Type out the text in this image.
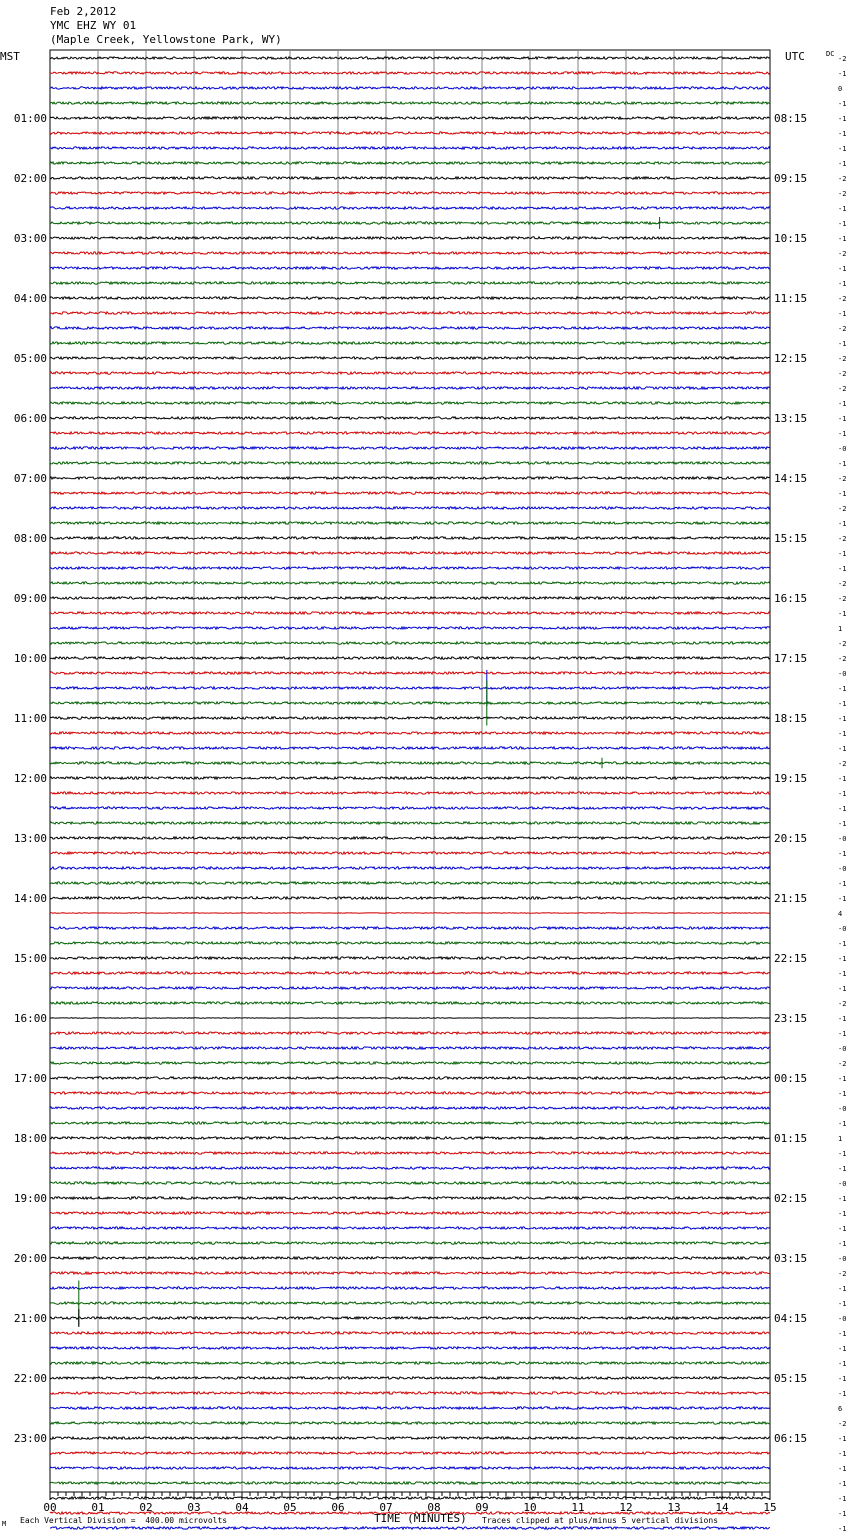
Feb 2,2012
YMC EHZ WY 01
(Maple Creek, Yellowstone Park, WY)
MST	UTC	DC
-2
-1
0
-1
-1
-1
-1
-1
-2
-2
-1
-1
-1
-2
-1
-1
-2
-1
-2
-1
-2
-2
-2
-1
-1
-1
-0
-1
-2
-1
-2
-1
-2
-1
-1
-2
-2
-1
1
-2
-2
-0
-1
-1
-1
-1
-1
-2
-1
-1
-1
-1
-0
-1
-0
-1
-1
4
-0
-1
-1
-1
-1
-2
-1
-1
-0
-2
-1
-1
-0
-1
1
-1
-1
-0
-1
-1
-1
-1
-0
-2
-1
-1
-0
-1
-1
-1
-1
-1
6
-2
-1
-1
-1
-1
-1
-1
-1
01:00
02:00
03:00
04:00
05:00
06:00
07:00
08:00
09:00
10:00
11:00
12:00
13:00
14:00
15:00
16:00
17:00
18:00
19:00
20:00
21:00
22:00
23:00
08:15
09:15
10:15
11:15
12:15
13:15
14:15
15:15
16:15
17:15
18:15
19:15
20:15
21:15
22:15
23:15
00:15
01:15
02:15
03:15
04:15
05:15
06:15
00	01	02	03	04	05	06	07	08	09	10	11	12	13	14	15
M Each Vertical Division =  400.00 microvolts	TIME (MINUTES) Traces clipped at plus/minus 5 vertical divisions
